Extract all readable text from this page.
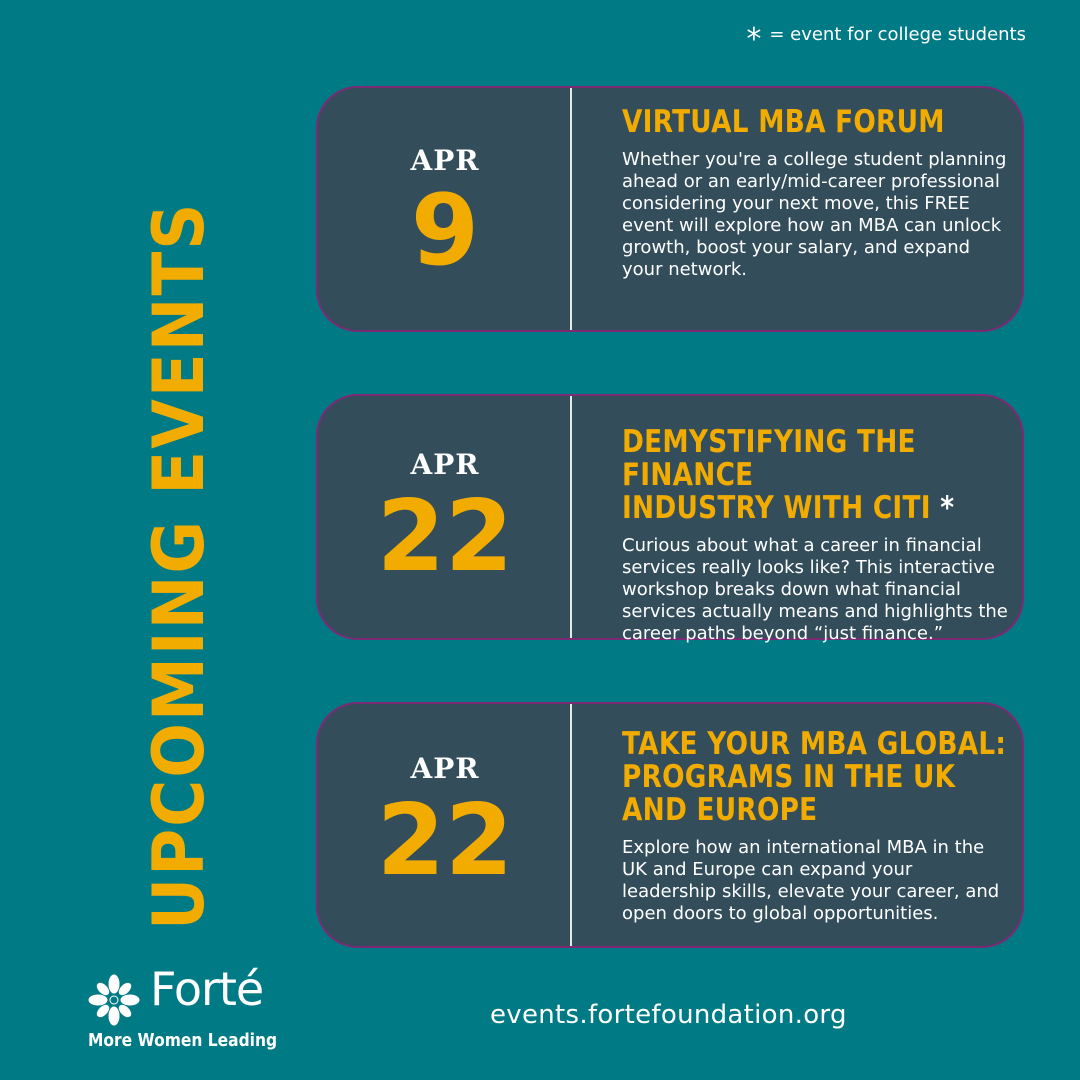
* = event for college students
UPCOMING EVENTS
APR
9
VIRTUAL MBA FORUM
Whether you're a college student planning ahead or an early/mid-career professional considering your next move, this FREE event will explore how an MBA can unlock growth, boost your salary, and expand your network.
APR
22
DEMYSTIFYING THE FINANCE
INDUSTRY WITH CITI *
Curious about what a career in financial services really looks like? This interactive workshop breaks down what financial services actually means and highlights the career paths beyond “just finance.”
APR
22
TAKE YOUR MBA GLOBAL:
PROGRAMS IN THE UK
AND EUROPE
Explore how an international MBA in the UK and Europe can expand your leadership skills, elevate your career, and open doors to global opportunities.
Forté
More Women Leading
events.fortefoundation.org
